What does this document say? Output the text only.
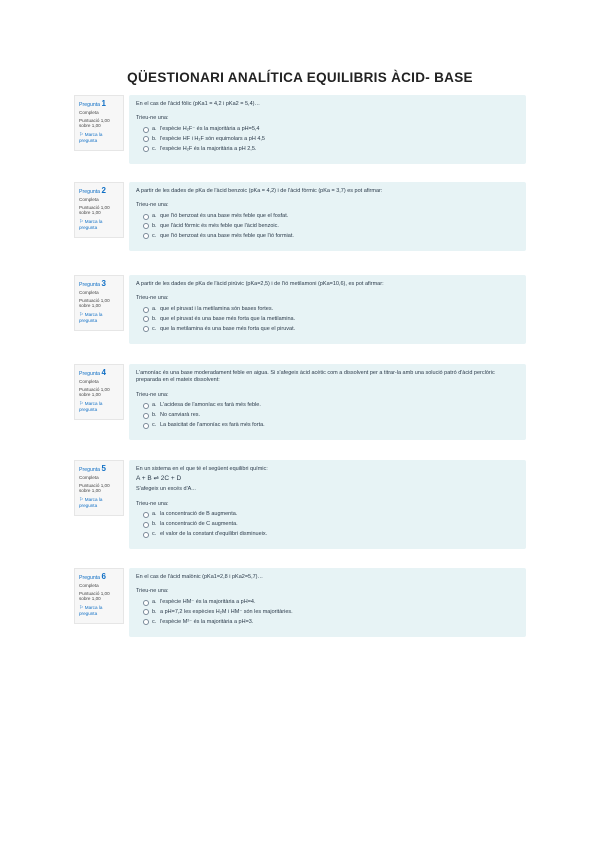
QÜESTIONARI ANALÍTICA EQUILIBRIS ÀCID- BASE
Pregunta 1
Completa
Puntuació 1,00 sobre 1,00
⚐ Marca la pregunta
En el cas de l'àcid fòlic (pKa1 = 4,2 i pKa2 = 5,4)…
Trieu-ne una:
a. l'espècie H₂F⁻ és la majoritària a pH=5,4
b. l'espècie HF i H₂F són equimolars a pH 4,5
c. l'espècie H₂F és la majoritària a pH 2,5.
Pregunta 2
Completa
Puntuació 1,00 sobre 1,00
⚐ Marca la pregunta
A partir de les dades de pKa de l'àcid benzoic (pKa = 4,2) i de l'àcid fòrmic (pKa = 3,7) es pot afirmar:
Trieu-ne una:
a. que l'ió benzoat és una base més feble que el fosfat.
b. que l'àcid fòrmic és més feble que l'àcid benzoic.
c. que l'ió benzoat és una base més feble que l'ió formiat.
Pregunta 3
Completa
Puntuació 1,00 sobre 1,00
⚐ Marca la pregunta
A partir de les dades de pKa de l'àcid pirúvic (pKa=2,5) i de l'ió metilamoni (pKa=10,6), es pot afirmar:
Trieu-ne una:
a. que el piruvat i la metilamina són bases fortes.
b. que el piruvat és una base més forta que la metilamina.
c. que la metilamina és una base més forta que el piruvat.
Pregunta 4
Completa
Puntuació 1,00 sobre 1,00
⚐ Marca la pregunta
L'amoníac és una base moderadament feble en aigua. Si s'afegeix àcid acètic com a dissolvent per a titrar-la amb una solució patró d'àcid perclòric preparada en el mateix dissolvent:
Trieu-ne una:
a. L'acidesa de l'amoníac es farà més feble.
b. No canviarà res.
c. La basicitat de l'amoníac es farà més forta.
Pregunta 5
Completa
Puntuació 1,00 sobre 1,00
⚐ Marca la pregunta
En un sistema en el que té el següent equilibri químic:
A + B ⇌ 2C + D
S'afegeix un excés d'A...
Trieu-ne una:
a. la concentració de B augmenta.
b. la concentració de C augmenta.
c. el valor de la constant d'equilibri disminueix.
Pregunta 6
Completa
Puntuació 1,00 sobre 1,00
⚐ Marca la pregunta
En el cas de l'àcid malònic (pKa1=2,8 i pKa2=5,7)…
Trieu-ne una:
a. l'espècie HM⁻ és la majoritària a pH=4.
b. a pH=7,2 les espècies H₂M i HM⁻ són les majoritàries.
c. l'espècie M²⁻ és la majoritària a pH=3.
